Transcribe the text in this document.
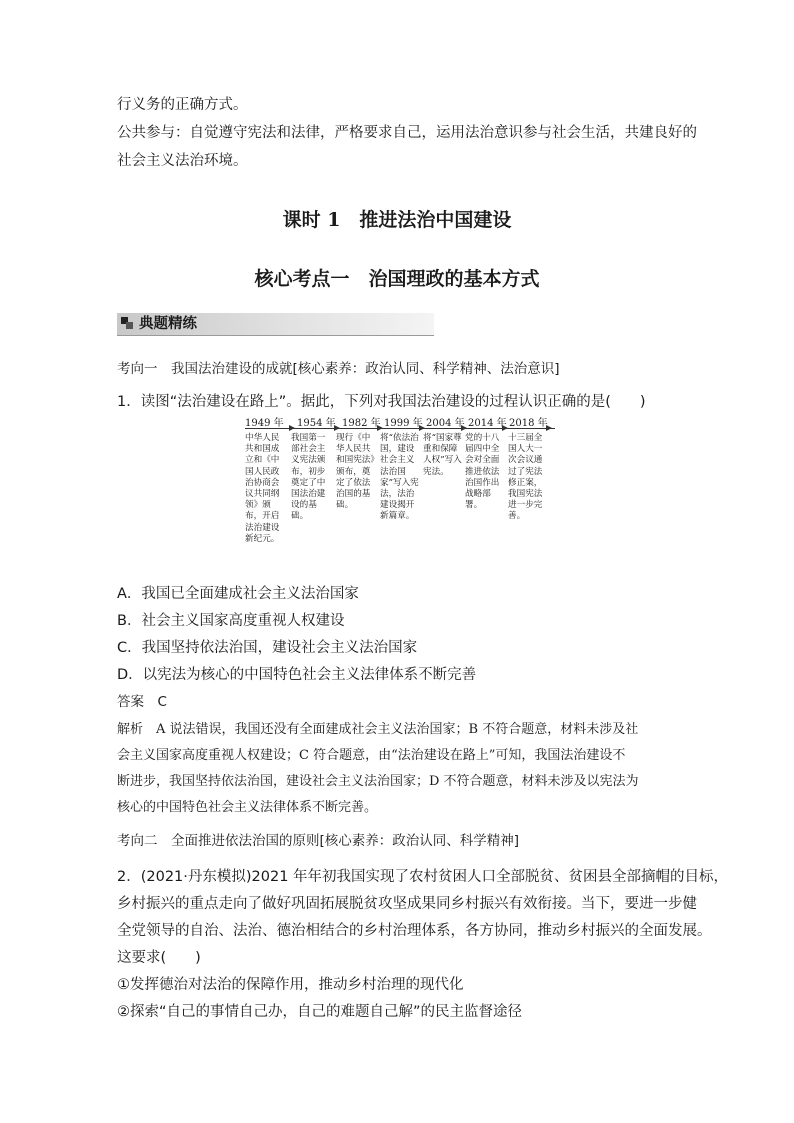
行义务的正确方式。
公共参与：自觉遵守宪法和法律，严格要求自己，运用法治意识参与社会生活，共建良好的
社会主义法治环境。
课时 1　推进法治中国建设
核心考点一　治国理政的基本方式
典题精练
考向一　我国法治建设的成就[核心素养：政治认同、科学精神、法治意识]
1．读图“法治建设在路上”。据此，下列对我国法治建设的过程认识正确的是(　　)
1949 年 1954 年 1982 年 1999 年 2004 年 2014 年 2018 年
中华人民共和国成立和《中国人民政治协商会议共同纲领》颁布，开启法治建设新纪元。
我国第一部社会主义宪法颁布，初步奠定了中国法治建设的基础。
现行《中华人民共和国宪法》颁布，奠定了依法治国的基础。
将“依法治国，建设社会主义法治国家”写入宪法，法治建设揭开新篇章。
将“国家尊重和保障人权”写入宪法。
党的十八届四中全会对全面推进依法治国作出战略部署。
十三届全国人大一次会议通过了宪法修正案，我国宪法进一步完善。
A．我国已全面建成社会主义法治国家
B．社会主义国家高度重视人权建设
C．我国坚持依法治国，建设社会主义法治国家
D．以宪法为核心的中国特色社会主义法律体系不断完善
答案　C
解析　A 说法错误，我国还没有全面建成社会主义法治国家；B 不符合题意，材料未涉及社
会主义国家高度重视人权建设；C 符合题意，由“法治建设在路上”可知，我国法治建设不
断进步，我国坚持依法治国，建设社会主义法治国家；D 不符合题意，材料未涉及以宪法为
核心的中国特色社会主义法律体系不断完善。
考向二　全面推进依法治国的原则[核心素养：政治认同、科学精神]
2．(2021·丹东模拟)2021 年年初我国实现了农村贫困人口全部脱贫、贫困县全部摘帽的目标，
乡村振兴的重点走向了做好巩固拓展脱贫攻坚成果同乡村振兴有效衔接。当下，要进一步健
全党领导的自治、法治、德治相结合的乡村治理体系，各方协同，推动乡村振兴的全面发展。
这要求(　　)
①发挥德治对法治的保障作用，推动乡村治理的现代化
②探索“自己的事情自己办，自己的难题自己解”的民主监督途径
